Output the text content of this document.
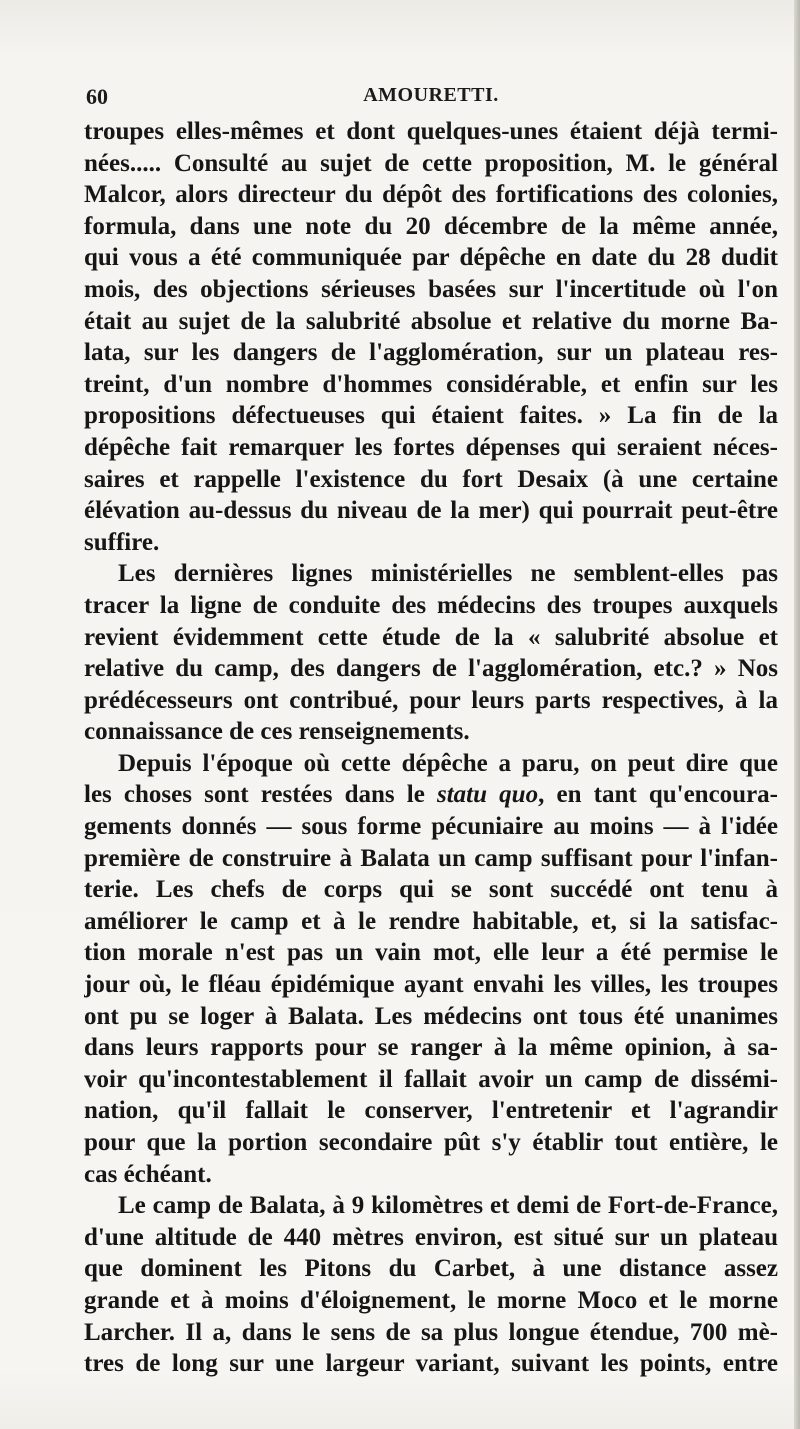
60	AMOURETTI.
troupes elles-mêmes et dont quelques-unes étaient déjà termi-
nées..... Consulté au sujet de cette proposition, M. le général
Malcor, alors directeur du dépôt des fortifications des colonies,
formula, dans une note du 20 décembre de la même année,
qui vous a été communiquée par dépêche en date du 28 dudit
mois, des objections sérieuses basées sur l'incertitude où l'on
était au sujet de la salubrité absolue et relative du morne Ba-
lata, sur les dangers de l'agglomération, sur un plateau res-
treint, d'un nombre d'hommes considérable, et enfin sur les
propositions défectueuses qui étaient faites. » La fin de la
dépêche fait remarquer les fortes dépenses qui seraient néces-
saires et rappelle l'existence du fort Desaix (à une certaine
élévation au-dessus du niveau de la mer) qui pourrait peut-être
suffire.
Les dernières lignes ministérielles ne semblent-elles pas
tracer la ligne de conduite des médecins des troupes auxquels
revient évidemment cette étude de la « salubrité absolue et
relative du camp, des dangers de l'agglomération, etc.? » Nos
prédécesseurs ont contribué, pour leurs parts respectives, à la
connaissance de ces renseignements.
Depuis l'époque où cette dépêche a paru, on peut dire que
les choses sont restées dans le statu quo, en tant qu'encoura-
gements donnés — sous forme pécuniaire au moins — à l'idée
première de construire à Balata un camp suffisant pour l'infan-
terie. Les chefs de corps qui se sont succédé ont tenu à
améliorer le camp et à le rendre habitable, et, si la satisfac-
tion morale n'est pas un vain mot, elle leur a été permise le
jour où, le fléau épidémique ayant envahi les villes, les troupes
ont pu se loger à Balata. Les médecins ont tous été unanimes
dans leurs rapports pour se ranger à la même opinion, à sa-
voir qu'incontestablement il fallait avoir un camp de dissémi-
nation, qu'il fallait le conserver, l'entretenir et l'agrandir
pour que la portion secondaire pût s'y établir tout entière, le
cas échéant.
Le camp de Balata, à 9 kilomètres et demi de Fort-de-France,
d'une altitude de 440 mètres environ, est situé sur un plateau
que dominent les Pitons du Carbet, à une distance assez
grande et à moins d'éloignement, le morne Moco et le morne
Larcher. Il a, dans le sens de sa plus longue étendue, 700 mè-
tres de long sur une largeur variant, suivant les points, entre
